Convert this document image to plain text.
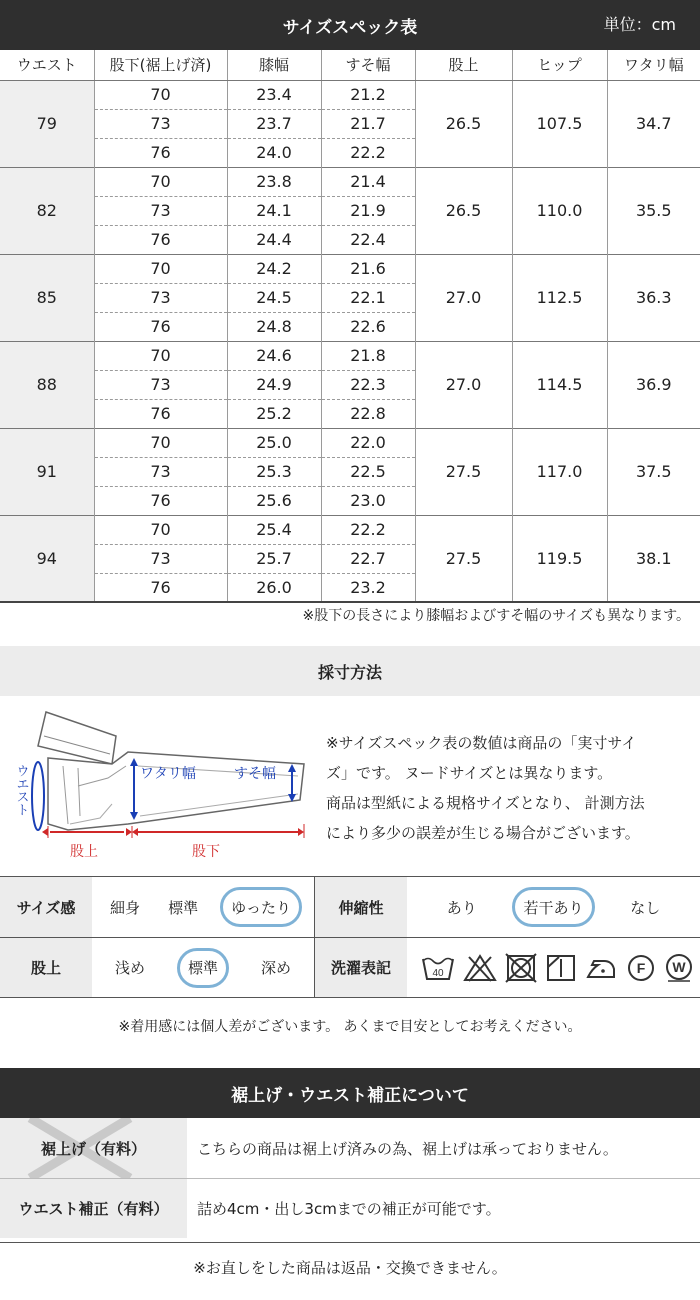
サイズスペック表	単位：cm
ウエスト	股下(裾上げ済)	膝幅	すそ幅	股上	ヒップ	ワタリ幅
79	70	23.4	21.2	26.5	107.5	34.7
	73	23.7	21.7			
	76	24.0	22.2			
82	70	23.8	21.4	26.5	110.0	35.5
	73	24.1	21.9			
	76	24.4	22.4			
85	70	24.2	21.6	27.0	112.5	36.3
	73	24.5	22.1			
	76	24.8	22.6			
88	70	24.6	21.8	27.0	114.5	36.9
	73	24.9	22.3			
	76	25.2	22.8			
91	70	25.0	22.0	27.5	117.0	37.5
	73	25.3	22.5			
	76	25.6	23.0			
94	70	25.4	22.2	27.5	119.5	38.1
	73	25.7	22.7			
	76	26.0	23.2			
※股下の長さにより膝幅およびすそ幅のサイズも異なります。
採寸方法
ウエスト	ワタリ幅	すそ幅
股上	股下
※サイズスペック表の数値は商品の「実寸サイ
ズ」です。 ヌードサイズとは異なります。
商品は型紙による規格サイズとなり、 計測方法
により多少の誤差が生じる場合がございます。
サイズ感	細身	標準	ゆったり	伸縮性	あり	若干あり	なし
股上	浅め	標準	深め	洗濯表記	40	F W
※着用感には個人差がございます。 あくまで目安としてお考えください。
裾上げ・ウエスト補正について
裾上げ（有料）	こちらの商品は裾上げ済みの為、裾上げは承っておりません。
ウエスト補正（有料）	詰め4cm・出し3cmまでの補正が可能です。
※お直しをした商品は返品・交換できません。
